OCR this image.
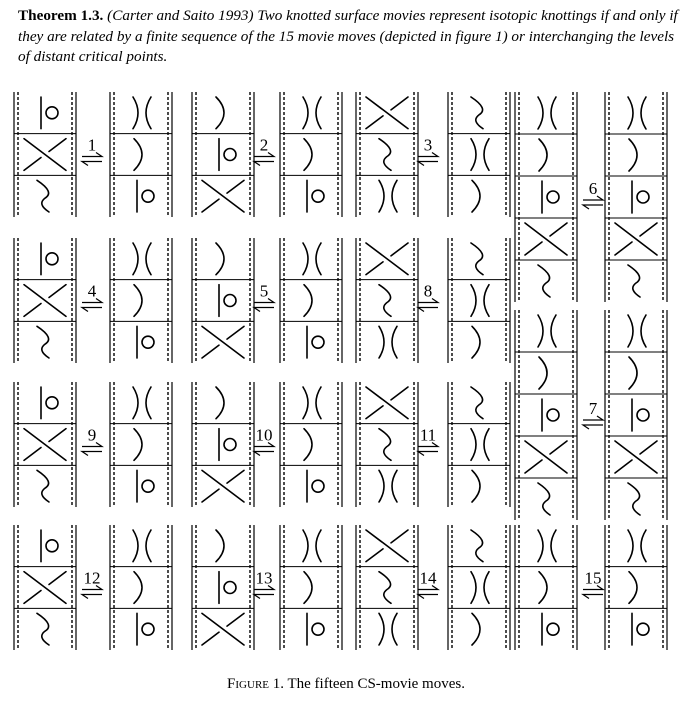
Theorem 1.3. (Carter and Saito 1993) Two knotted surface movies represent isotopic knottings if and only if they are related by a finite sequence of the 15 movie moves (depicted in figure 1) or interchanging the levels of distant critical points.
1	2	3
4	5	8
9	10	11
12	13	14	15
6
7
Figure 1. The fifteen CS-movie moves.
